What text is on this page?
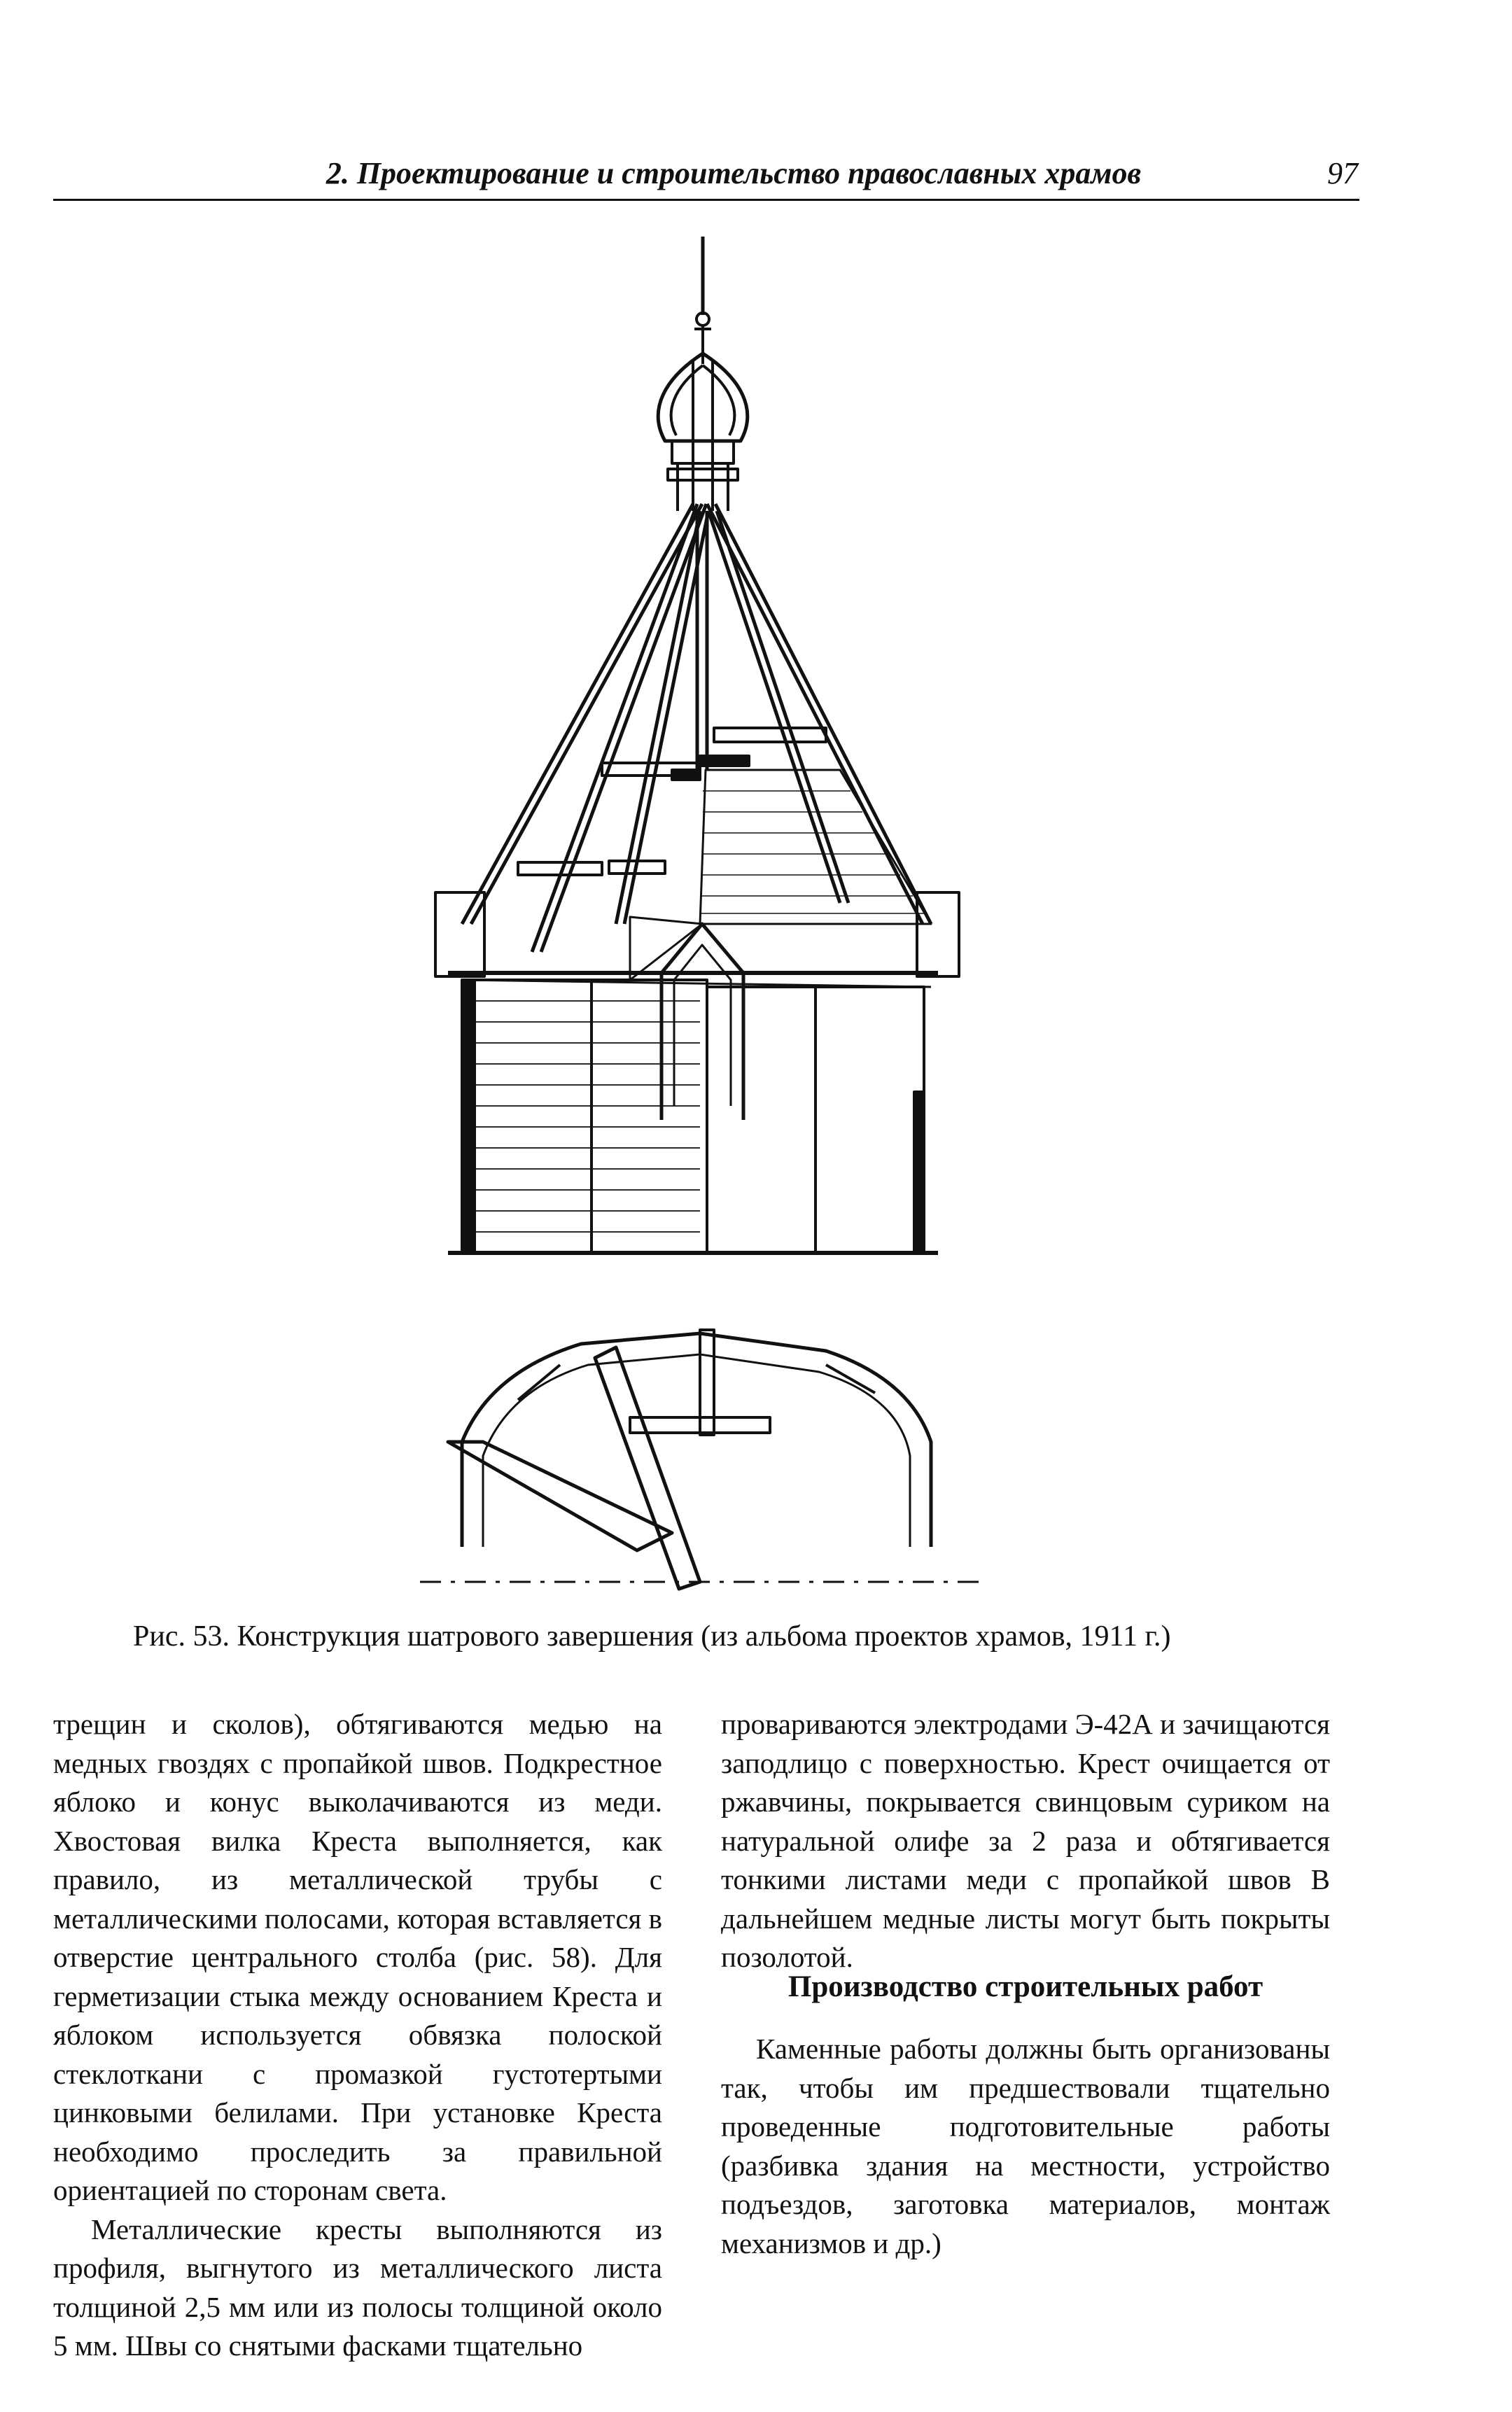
2. Проектирование и строительство православных храмов	97
Рис. 53. Конструкция шатрового завершения (из альбома проектов храмов, 1911 г.)

трещин и сколов), обтягиваются медью на медных гвоздях с пропайкой швов. Подкрестное яблоко и конус выколачиваются из меди. Хвостовая вилка Креста выполняется, как правило, из металлической трубы с металлическими полосами, которая вставляется в отверстие центрального столба (рис. 58). Для герметизации стыка между основанием Креста и яблоком используется обвязка полоской стеклоткани с промазкой густотертыми цинковыми белилами. При установке Креста необходимо проследить за правильной ориентацией по сторонам света.

Металлические кресты выполняются из профиля, выгнутого из металлического листа толщиной 2,5 мм или из полосы толщиной около 5 мм. Швы со снятыми фасками тщательно

провариваются электродами Э-42А и зачищаются заподлицо с поверхностью. Крест очищается от ржавчины, покрывается свинцовым суриком на натуральной олифе за 2 раза и обтягивается тонкими листами меди с пропайкой швов В дальнейшем медные листы могут быть покрыты позолотой.

Производство строительных работ

Каменные работы должны быть организованы так, чтобы им предшествовали тщательно проведенные подготовительные работы (разбивка здания на местности, устройство подъездов, заготовка материалов, монтаж механизмов и др.)
